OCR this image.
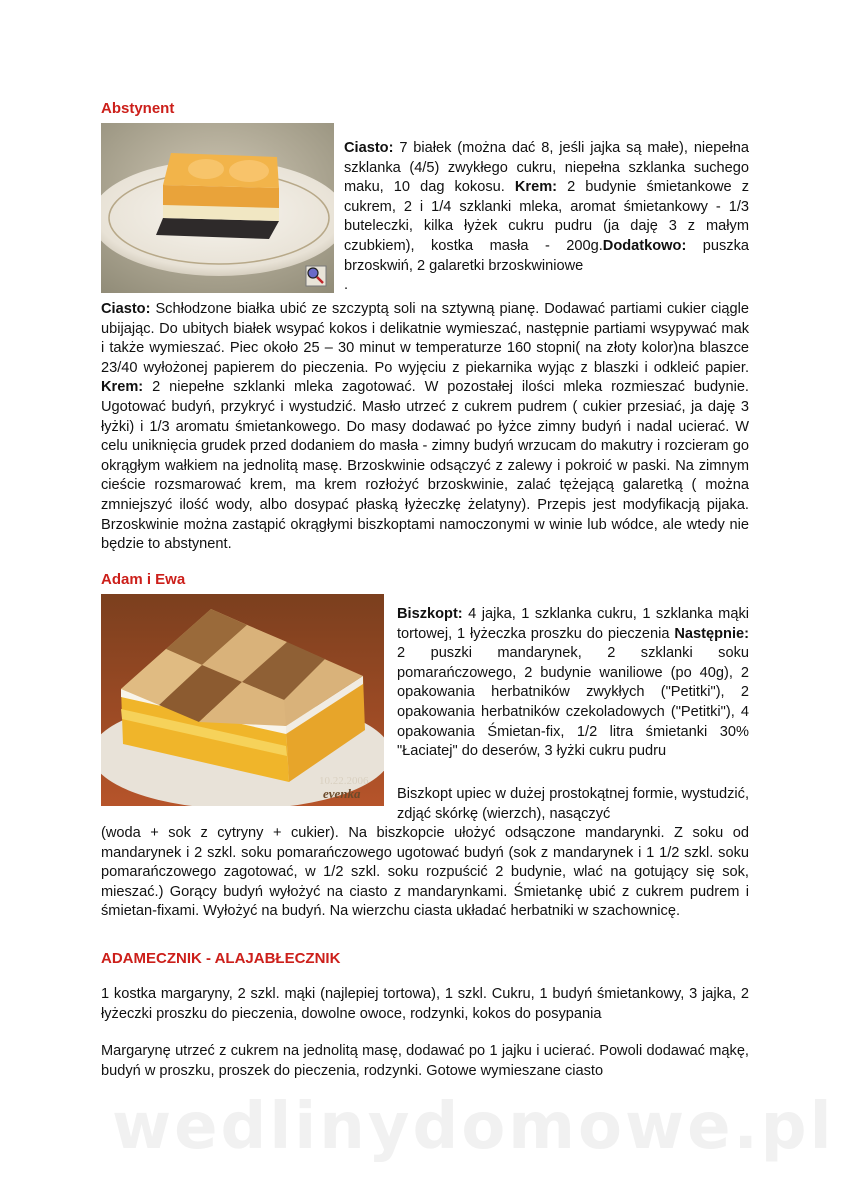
Abstynent
Ciasto: 7 białek (można dać 8, jeśli jajka są małe), niepełna szklanka (4/5) zwykłego cukru, niepełna szklanka suchego maku, 10 dag kokosu. Krem: 2 budynie śmietankowe z cukrem, 2 i 1/4 szklanki mleka, aromat śmietankowy - 1/3 buteleczki, kilka łyżek cukru pudru (ja daję 3 z małym czubkiem), kostka masła - 200g.Dodatkowo: puszka brzoskwiń, 2 galaretki brzoskwiniowe
.
Ciasto: Schłodzone białka ubić ze szczyptą soli na sztywną pianę. Dodawać partiami cukier ciągle ubijając. Do ubitych białek wsypać kokos i delikatnie wymieszać, następnie partiami wsypywać mak i także wymieszać. Piec około 25 – 30 minut w temperaturze 160 stopni( na złoty kolor)na blaszce 23/40 wyłożonej papierem do pieczenia. Po wyjęciu z piekarnika wyjąc z blaszki i odkleić papier. Krem: 2 niepełne szklanki mleka zagotować. W pozostałej ilości mleka rozmieszać budynie. Ugotować budyń, przykryć i wystudzić. Masło utrzeć z cukrem pudrem ( cukier przesiać, ja daję 3 łyżki) i 1/3 aromatu śmietankowego. Do masy dodawać po łyżce zimny budyń i nadal ucierać. W celu uniknięcia grudek przed dodaniem do masła - zimny budyń wrzucam do makutry i rozcieram go okrągłym wałkiem na jednolitą masę. Brzoskwinie odsączyć z zalewy i pokroić w paski. Na zimnym cieście rozsmarować krem, ma krem rozłożyć brzoskwinie, zalać tężejącą galaretką ( można zmniejszyć ilość wody, albo dosypać płaską łyżeczkę żelatyny). Przepis jest modyfikacją pijaka. Brzoskwinie można zastąpić okrągłymi biszkoptami namoczonymi w winie lub wódce, ale wtedy nie będzie to abstynent.
Adam i Ewa
10.22.2006
evenka
Biszkopt: 4 jajka, 1 szklanka cukru, 1 szklanka mąki tortowej, 1 łyżeczka proszku do pieczenia Następnie: 2 puszki mandarynek, 2 szklanki soku pomarańczowego, 2 budynie waniliowe (po 40g), 2 opakowania herbatników zwykłych ("Petitki"), 2 opakowania herbatników czekoladowych ("Petitki"), 4 opakowania Śmietan-fix, 1/2 litra śmietanki 30% "Łaciatej" do deserów, 3 łyżki cukru pudru
Biszkopt upiec w dużej prostokątnej formie, wystudzić, zdjąć skórkę (wierzch), nasączyć
(woda + sok z cytryny + cukier). Na biszkopcie ułożyć odsączone mandarynki. Z soku od mandarynek i 2 szkl. soku pomarańczowego ugotować budyń (sok z mandarynek i 1 1/2 szkl. soku pomarańczowego zagotować, w 1/2 szkl. soku rozpuścić 2 budynie, wlać na gotujący się sok, mieszać.) Gorący budyń wyłożyć na ciasto z mandarynkami. Śmietankę ubić z cukrem pudrem i śmietan-fixami. Wyłożyć na budyń. Na wierzchu ciasta układać herbatniki w szachownicę.
ADAMECZNIK - ALAJABŁECZNIK
1 kostka margaryny, 2 szkl. mąki (najlepiej tortowa), 1 szkl. Cukru, 1 budyń śmietankowy, 3 jajka, 2 łyżeczki proszku do pieczenia, dowolne owoce, rodzynki, kokos do posypania
Margarynę utrzeć z cukrem na jednolitą masę, dodawać po 1 jajku i ucierać. Powoli dodawać mąkę, budyń w proszku, proszek do pieczenia, rodzynki. Gotowe wymieszane ciasto
wedlinydomowe.pl
